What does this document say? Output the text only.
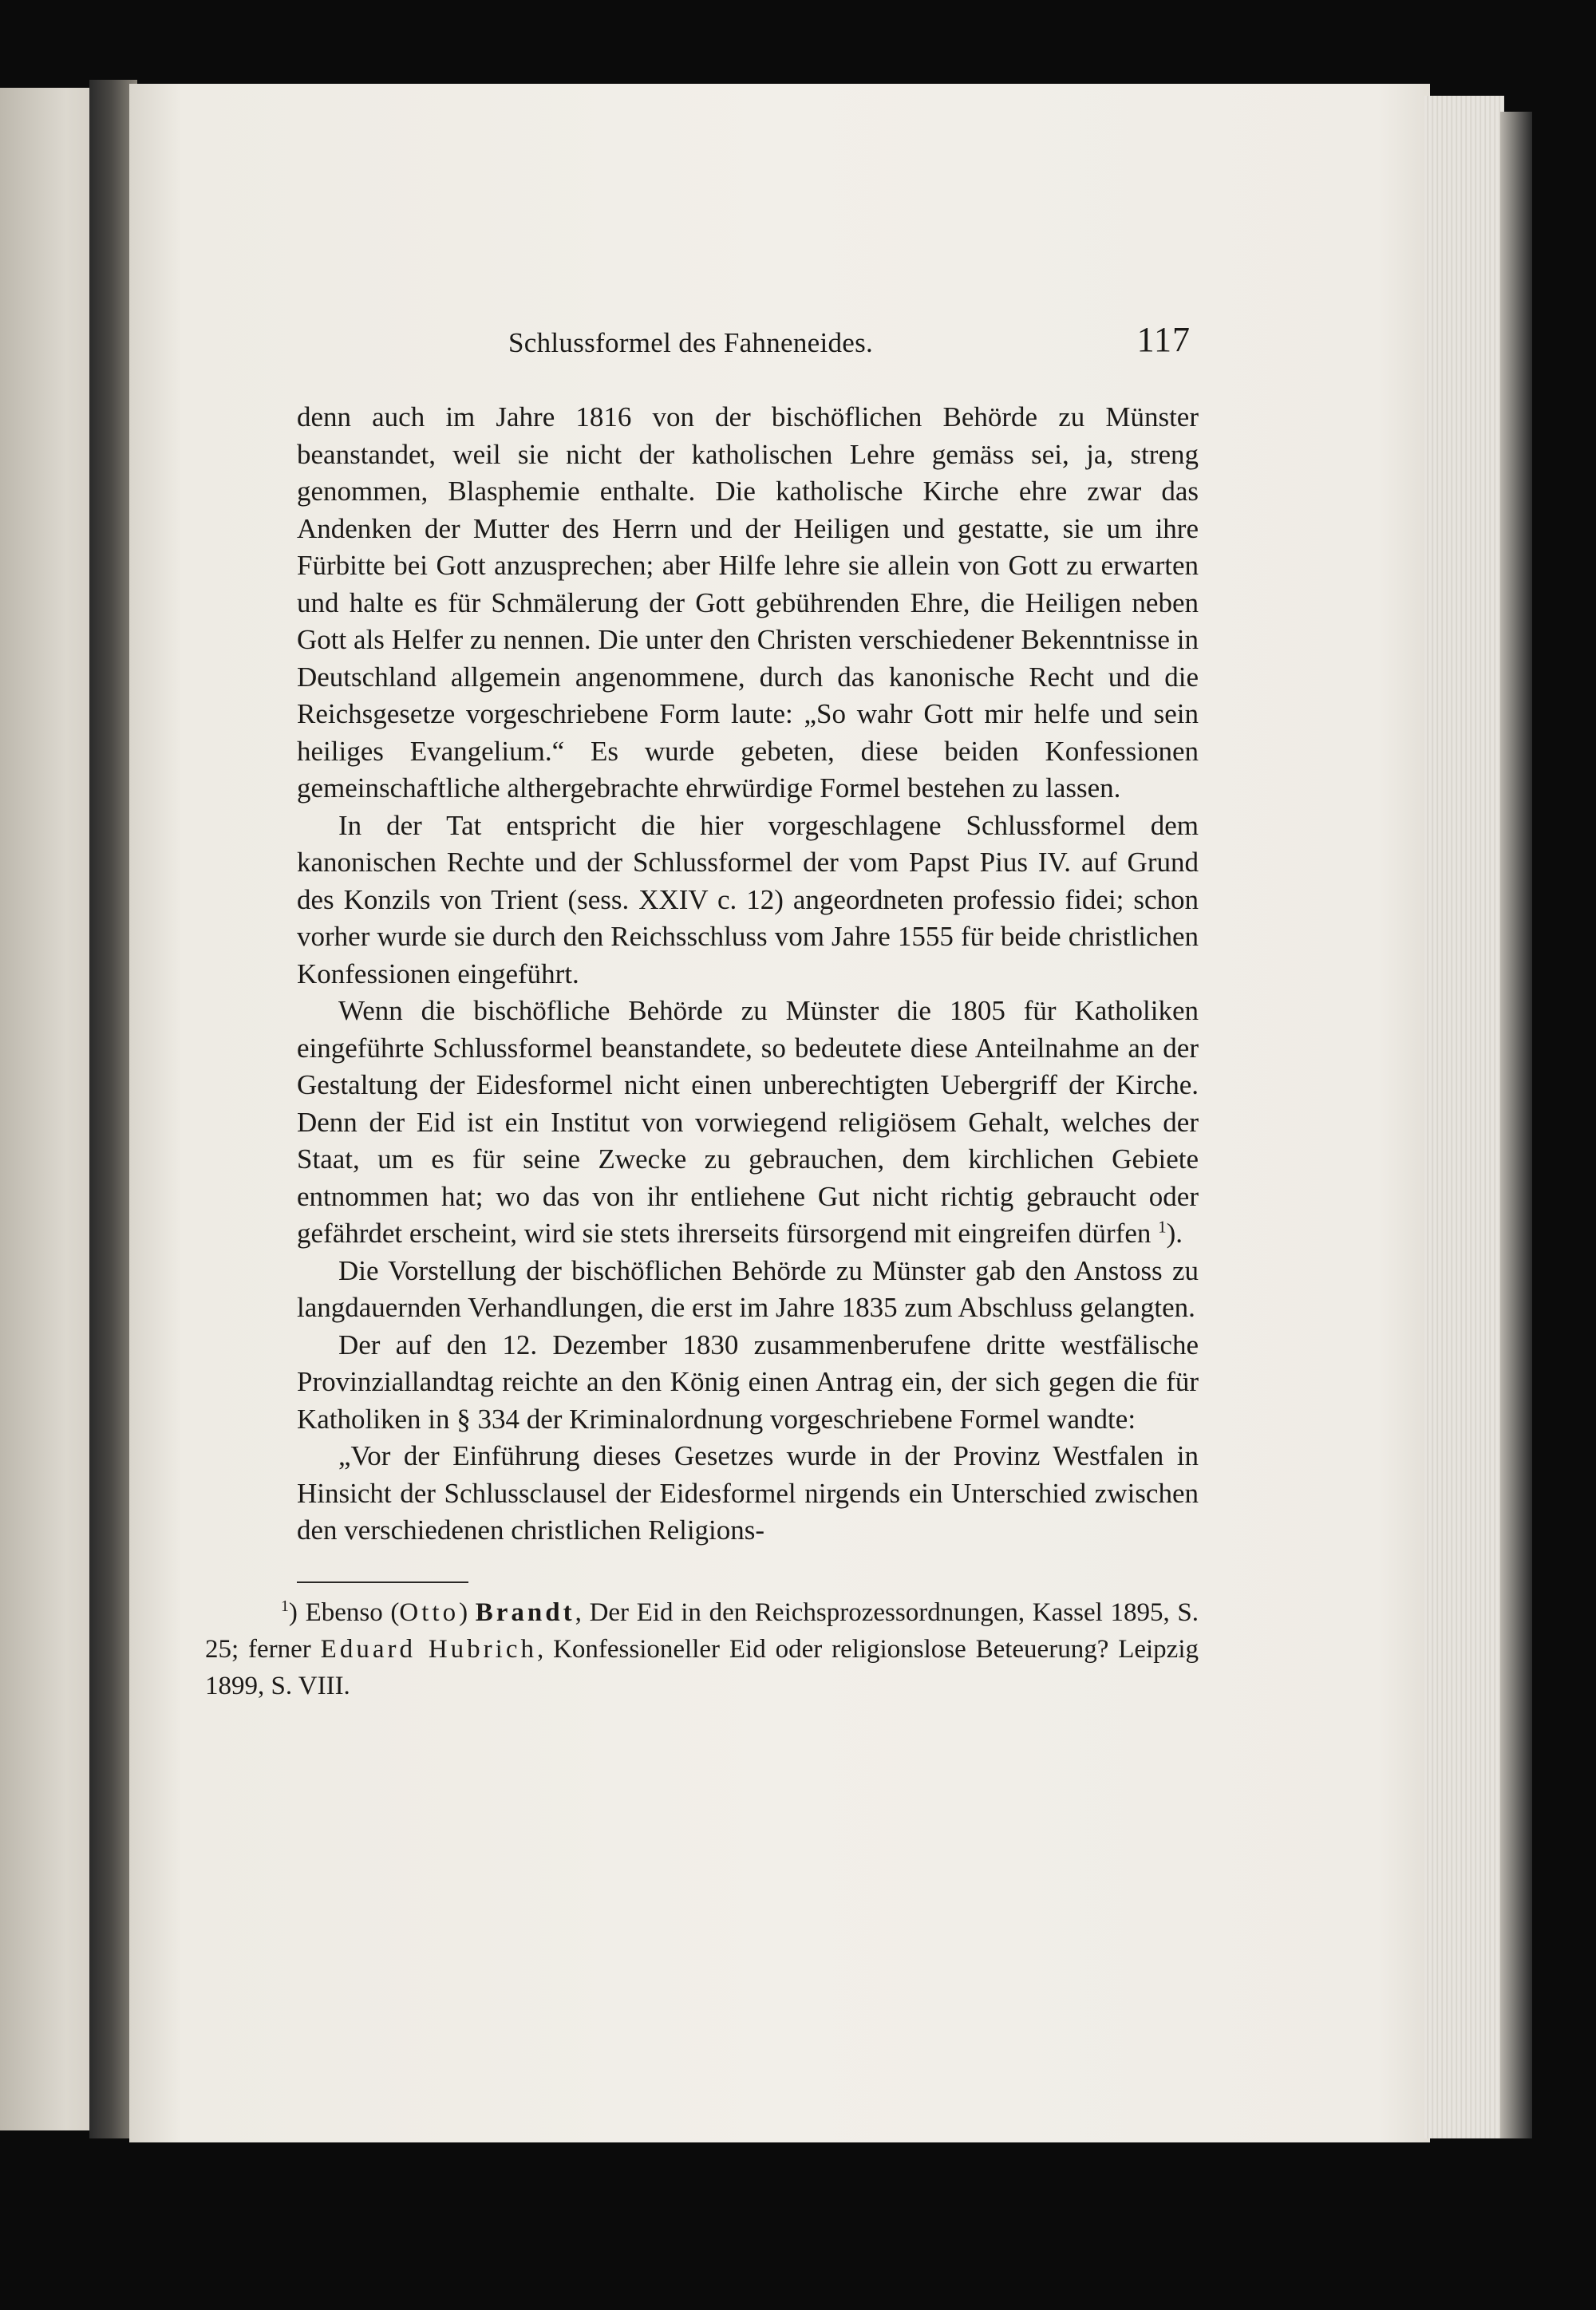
Schlussformel des Fahneneides.	117

denn auch im Jahre 1816 von der bischöflichen Behörde zu Münster beanstandet, weil sie nicht der katholischen Lehre gemäss sei, ja, streng genommen, Blasphemie enthalte. Die katholische Kirche ehre zwar das Andenken der Mutter des Herrn und der Heiligen und gestatte, sie um ihre Fürbitte bei Gott anzusprechen; aber Hilfe lehre sie allein von Gott zu erwarten und halte es für Schmälerung der Gott gebührenden Ehre, die Heiligen neben Gott als Helfer zu nennen. Die unter den Christen verschiedener Bekenntnisse in Deutschland allgemein angenommene, durch das kanonische Recht und die Reichsgesetze vorgeschriebene Form laute: „So wahr Gott mir helfe und sein heiliges Evangelium.“ Es wurde gebeten, diese beiden Konfessionen gemeinschaftliche althergebrachte ehrwürdige Formel bestehen zu lassen.

In der Tat entspricht die hier vorgeschlagene Schlussformel dem kanonischen Rechte und der Schlussformel der vom Papst Pius IV. auf Grund des Konzils von Trient (sess. XXIV c. 12) angeordneten professio fidei; schon vorher wurde sie durch den Reichsschluss vom Jahre 1555 für beide christlichen Konfessionen eingeführt.

Wenn die bischöfliche Behörde zu Münster die 1805 für Katholiken eingeführte Schlussformel beanstandete, so bedeutete diese Anteilnahme an der Gestaltung der Eidesformel nicht einen unberechtigten Uebergriff der Kirche. Denn der Eid ist ein Institut von vorwiegend religiösem Gehalt, welches der Staat, um es für seine Zwecke zu gebrauchen, dem kirchlichen Gebiete entnommen hat; wo das von ihr entliehene Gut nicht richtig gebraucht oder gefährdet erscheint, wird sie stets ihrerseits fürsorgend mit eingreifen dürfen $^1$).

Die Vorstellung der bischöflichen Behörde zu Münster gab den Anstoss zu langdauernden Verhandlungen, die erst im Jahre 1835 zum Abschluss gelangten.

Der auf den 12. Dezember 1830 zusammenberufene dritte westfälische Provinziallandtag reichte an den König einen Antrag ein, der sich gegen die für Katholiken in § 334 der Kriminalordnung vorgeschriebene Formel wandte:

„Vor der Einführung dieses Gesetzes wurde in der Provinz Westfalen in Hinsicht der Schlussclausel der Eidesformel nirgends ein Unterschied zwischen den verschiedenen christlichen Religions-

$^1$) Ebenso (Otto) Brandt, Der Eid in den Reichsprozessordnungen, Kassel 1895, S. 25; ferner Eduard Hubrich, Konfessioneller Eid oder religionslose Beteuerung? Leipzig 1899, S. VIII.
